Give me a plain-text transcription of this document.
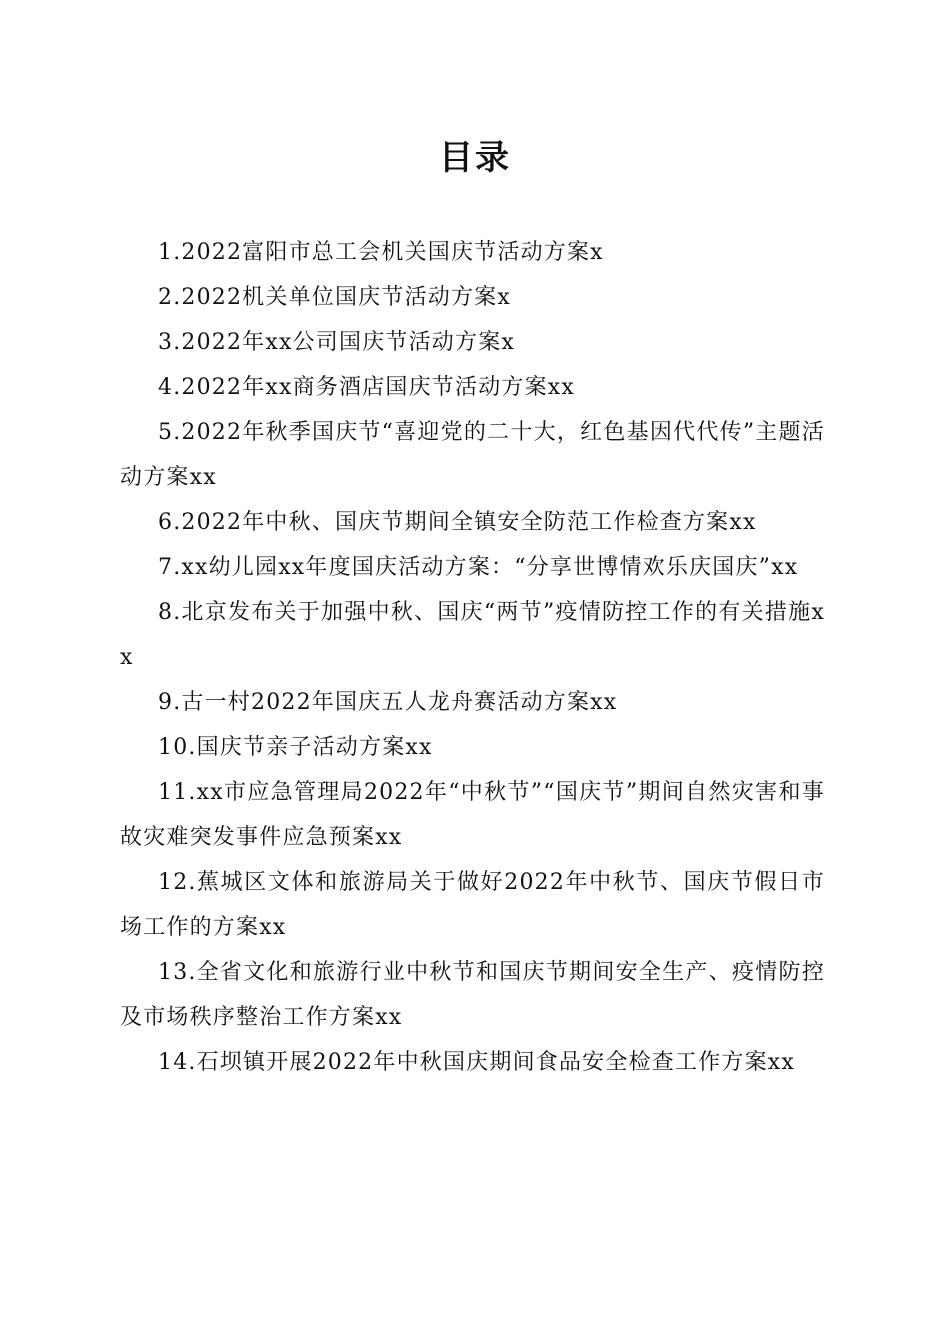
目录
1.2022富阳市总工会机关国庆节活动方案x
2.2022机关单位国庆节活动方案x
3.2022年xx公司国庆节活动方案x
4.2022年xx商务酒店国庆节活动方案xx
5.2022年秋季国庆节“喜迎党的二十大，红色基因代代传”主题活动方案xx
6.2022年中秋、国庆节期间全镇安全防范工作检查方案xx
7.xx幼儿园xx年度国庆活动方案：“分享世博情欢乐庆国庆”xx
8.北京发布关于加强中秋、国庆“两节”疫情防控工作的有关措施xx
9.古一村2022年国庆五人龙舟赛活动方案xx
10.国庆节亲子活动方案xx
11.xx市应急管理局2022年“中秋节”“国庆节”期间自然灾害和事故灾难突发事件应急预案xx
12.蕉城区文体和旅游局关于做好2022年中秋节、国庆节假日市场工作的方案xx
13.全省文化和旅游行业中秋节和国庆节期间安全生产、疫情防控及市场秩序整治工作方案xx
14.石坝镇开展2022年中秋国庆期间食品安全检查工作方案xx
